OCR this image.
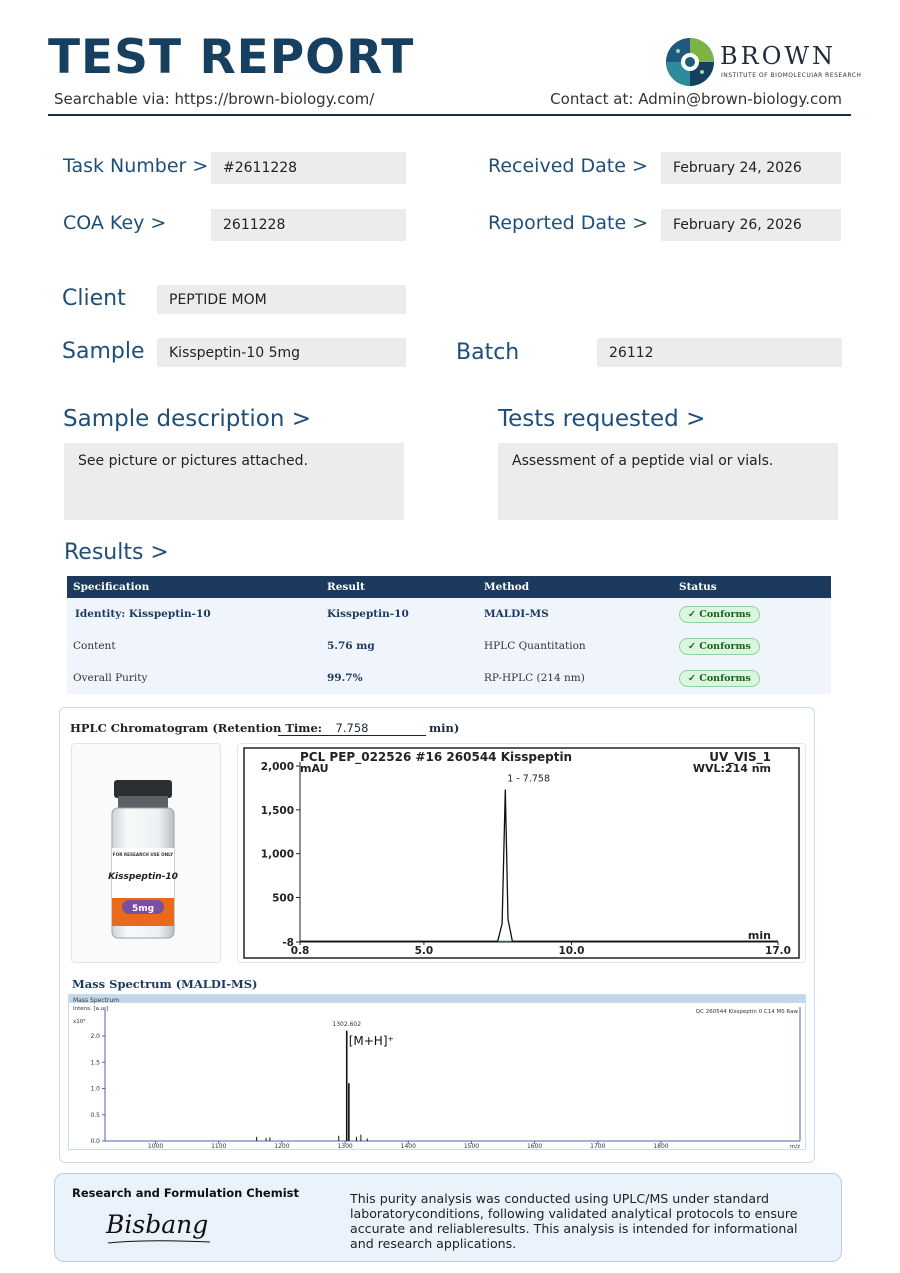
TEST REPORT
Searchable via: https://brown-biology.com/	Contact at: Admin@brown-biology.com
BROWN
INSTITUTE OF BIOMOLECUIAR RESEARCH
Task Number >	#2611228
COA Key >	2611228
Received Date >	February 24, 2026
Reported Date >	February 26, 2026
Client	PEPTIDE MOM
Sample	Kisspeptin-10 5mg	Batch	26112
Sample description >
See picture or pictures attached.
Tests requested >
Assessment of a peptide vial or vials.
Results >
Specification	Result	Method	Status
Identity: Kisspeptin-10	Kisspeptin-10	MALDI-MS	✓ Conforms
Content	5.76 mg	HPLC Quantitation	✓ Conforms
Overall Purity	99.7%	RP-HPLC (214 nm)	✓ Conforms
HPLC Chromatogram (Retention Time:	7.758	min)
FOR RESEARCH USE ONLY
Kisspeptin-10
5mg
PCL PEP_022526 #16 260544 Kisspeptin	UV_VIS_1
mAU	WVL:214 nm
min
2,000
1,500
1,000
500
-8
0.8	5.0	10.0	17.0
1 - 7.758
Mass Spectrum (MALDI-MS)
Mass Spectrum
Intens. [a.u.]
x10⁵
QC 260544 Kisspeptin 0 C14 MS Raw
m/z
2.0
1.5
1.0
0.5
0.0
1000	1100	1200	1300	1400	1500	1600	1700	1800
1302.602
[M+H]⁺
Research and Formulation Chemist
Bisbang
This purity analysis was conducted using UPLC/MS under standard laboratoryconditions, following validated analytical protocols to ensure accurate and reliableresults. This analysis is intended for informational and research applications.
